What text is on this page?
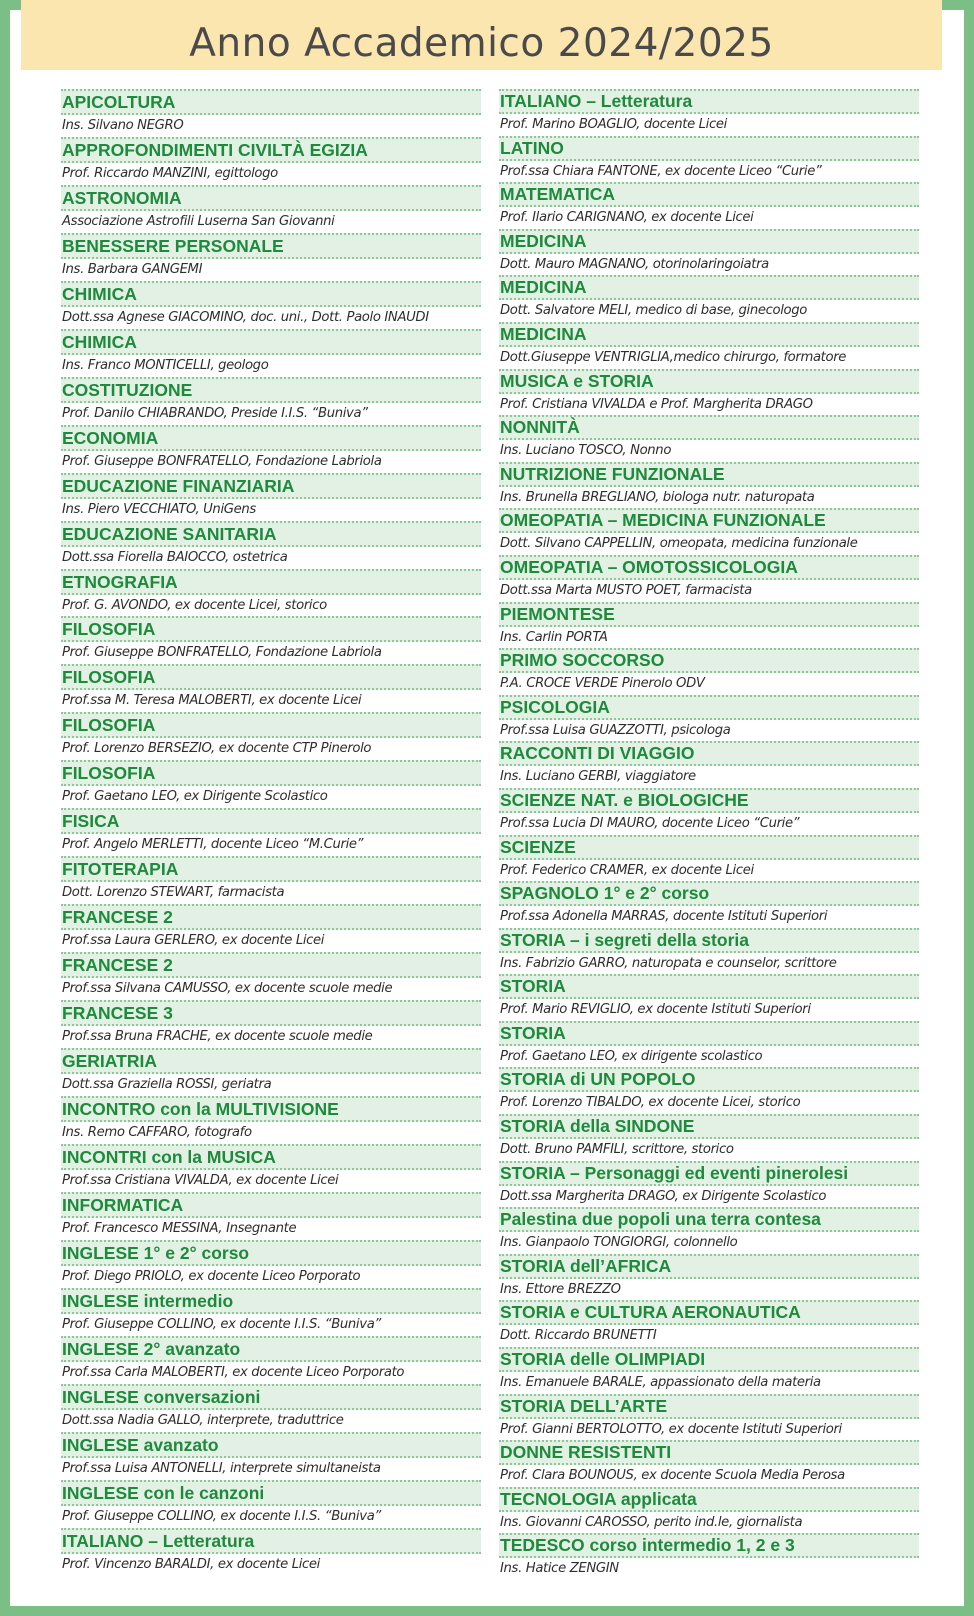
Anno Accademico 2024/2025
APICOLTURA
Ins. Silvano NEGRO
APPROFONDIMENTI CIVILTÀ EGIZIA
Prof. Riccardo MANZINI, egittologo
ASTRONOMIA
Associazione Astrofili Luserna San Giovanni
BENESSERE PERSONALE
Ins. Barbara GANGEMI
CHIMICA
Dott.ssa Agnese GIACOMINO, doc. uni., Dott. Paolo INAUDI
CHIMICA
Ins. Franco MONTICELLI, geologo
COSTITUZIONE
Prof. Danilo CHIABRANDO, Preside I.I.S. “Buniva”
ECONOMIA
Prof. Giuseppe BONFRATELLO, Fondazione Labriola
EDUCAZIONE FINANZIARIA
Ins. Piero VECCHIATO, UniGens
EDUCAZIONE SANITARIA
Dott.ssa Fiorella BAIOCCO, ostetrica
ETNOGRAFIA
Prof. G. AVONDO, ex docente Licei, storico
FILOSOFIA
Prof. Giuseppe BONFRATELLO, Fondazione Labriola
FILOSOFIA
Prof.ssa M. Teresa MALOBERTI, ex docente Licei
FILOSOFIA
Prof. Lorenzo BERSEZIO, ex docente CTP Pinerolo
FILOSOFIA
Prof. Gaetano LEO, ex Dirigente Scolastico
FISICA
Prof. Angelo MERLETTI, docente Liceo “M.Curie”
FITOTERAPIA
Dott. Lorenzo STEWART, farmacista
FRANCESE 2
Prof.ssa Laura GERLERO, ex docente Licei
FRANCESE 2
Prof.ssa Silvana CAMUSSO, ex docente scuole medie
FRANCESE 3
Prof.ssa Bruna FRACHE, ex docente scuole medie
GERIATRIA
Dott.ssa Graziella ROSSI, geriatra
INCONTRO con la MULTIVISIONE
Ins. Remo CAFFARO, fotografo
INCONTRI con la MUSICA
Prof.ssa Cristiana VIVALDA, ex docente Licei
INFORMATICA
Prof. Francesco MESSINA, Insegnante
INGLESE 1° e 2° corso
Prof. Diego PRIOLO, ex docente Liceo Porporato
INGLESE intermedio
Prof. Giuseppe COLLINO, ex docente I.I.S. “Buniva”
INGLESE 2° avanzato
Prof.ssa Carla MALOBERTI, ex docente Liceo Porporato
INGLESE conversazioni
Dott.ssa Nadia GALLO, interprete, traduttrice
INGLESE avanzato
Prof.ssa Luisa ANTONELLI, interprete simultaneista
INGLESE con le canzoni
Prof. Giuseppe COLLINO, ex docente I.I.S. “Buniva”
ITALIANO – Letteratura
Prof. Vincenzo BARALDI, ex docente Licei
ITALIANO – Letteratura
Prof. Marino BOAGLIO, docente Licei
LATINO
Prof.ssa Chiara FANTONE, ex docente Liceo “Curie”
MATEMATICA
Prof. Ilario CARIGNANO, ex docente Licei
MEDICINA
Dott. Mauro MAGNANO, otorinolaringoiatra
MEDICINA
Dott. Salvatore MELI, medico di base, ginecologo
MEDICINA
Dott.Giuseppe VENTRIGLIA,medico chirurgo, formatore
MUSICA e STORIA
Prof. Cristiana VIVALDA e Prof. Margherita DRAGO
NONNITÀ
Ins. Luciano TOSCO, Nonno
NUTRIZIONE FUNZIONALE
Ins. Brunella BREGLIANO, biologa nutr. naturopata
OMEOPATIA – MEDICINA FUNZIONALE
Dott. Silvano CAPPELLIN, omeopata, medicina funzionale
OMEOPATIA – OMOTOSSICOLOGIA
Dott.ssa Marta MUSTO POET, farmacista
PIEMONTESE
Ins. Carlin PORTA
PRIMO SOCCORSO
P.A. CROCE VERDE Pinerolo ODV
PSICOLOGIA
Prof.ssa Luisa GUAZZOTTI, psicologa
RACCONTI DI VIAGGIO
Ins. Luciano GERBI, viaggiatore
SCIENZE NAT. e BIOLOGICHE
Prof.ssa Lucia DI MAURO, docente Liceo “Curie”
SCIENZE
Prof. Federico CRAMER, ex docente Licei
SPAGNOLO 1° e 2° corso
Prof.ssa Adonella MARRAS, docente Istituti Superiori
STORIA – i segreti della storia
Ins. Fabrizio GARRO, naturopata e counselor, scrittore
STORIA
Prof. Mario REVIGLIO, ex docente Istituti Superiori
STORIA
Prof. Gaetano LEO, ex dirigente scolastico
STORIA di UN POPOLO
Prof. Lorenzo TIBALDO, ex docente Licei, storico
STORIA della SINDONE
Dott. Bruno PAMFILI, scrittore, storico
STORIA – Personaggi ed eventi pinerolesi
Dott.ssa Margherita DRAGO, ex Dirigente Scolastico
Palestina due popoli una terra contesa
Ins. Gianpaolo TONGIORGI, colonnello
STORIA dell’AFRICA
Ins. Ettore BREZZO
STORIA e CULTURA AERONAUTICA
Dott. Riccardo BRUNETTI
STORIA delle OLIMPIADI
Ins. Emanuele BARALE, appassionato della materia
STORIA DELL’ARTE
Prof. Gianni BERTOLOTTO, ex docente Istituti Superiori
DONNE RESISTENTI
Prof. Clara BOUNOUS, ex docente Scuola Media Perosa
TECNOLOGIA applicata
Ins. Giovanni CAROSSO, perito ind.le, giornalista
TEDESCO corso intermedio 1, 2 e 3
Ins. Hatice ZENGIN
